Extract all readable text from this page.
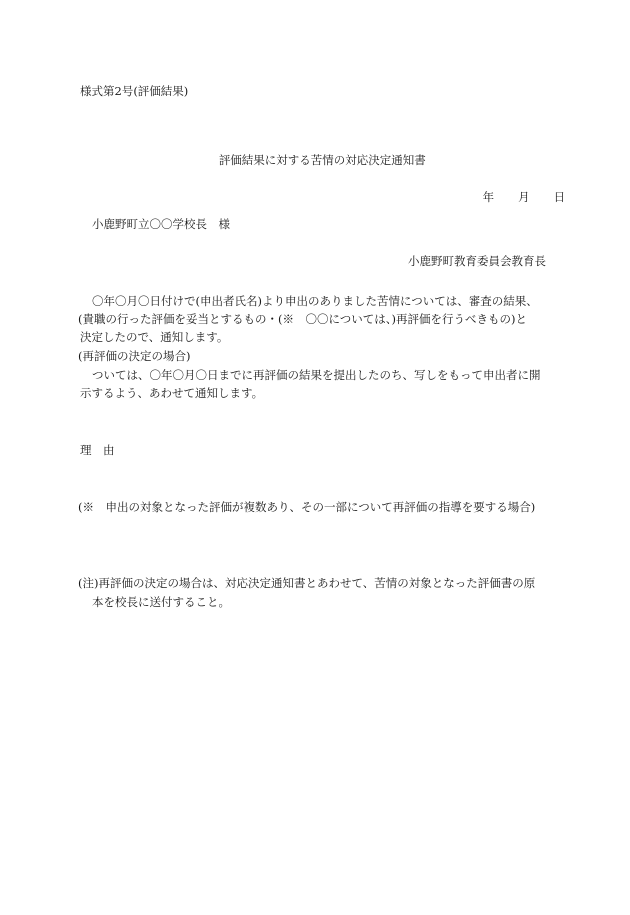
様式第2号(評価結果)

評価結果に対する苦情の対応決定通知書

年 月 日

小鹿野町立〇〇学校長　様
小鹿野町教育委員会教育長
〇年〇月〇日付けで(申出者氏名)より申出のありました苦情については、審査の結果、
(貴職の行った評価を妥当とするもの・(※　〇〇については、)再評価を行うべきもの)と
決定したので、通知します。
(再評価の決定の場合)
ついては、〇年〇月〇日までに再評価の結果を提出したのち、写しをもって申出者に開
示するよう、あわせて通知します。
理　由
(※　申出の対象となった評価が複数あり、その一部について再評価の指導を要する場合)
(注)再評価の決定の場合は、対応決定通知書とあわせて、苦情の対象となった評価書の原
本を校長に送付すること。
